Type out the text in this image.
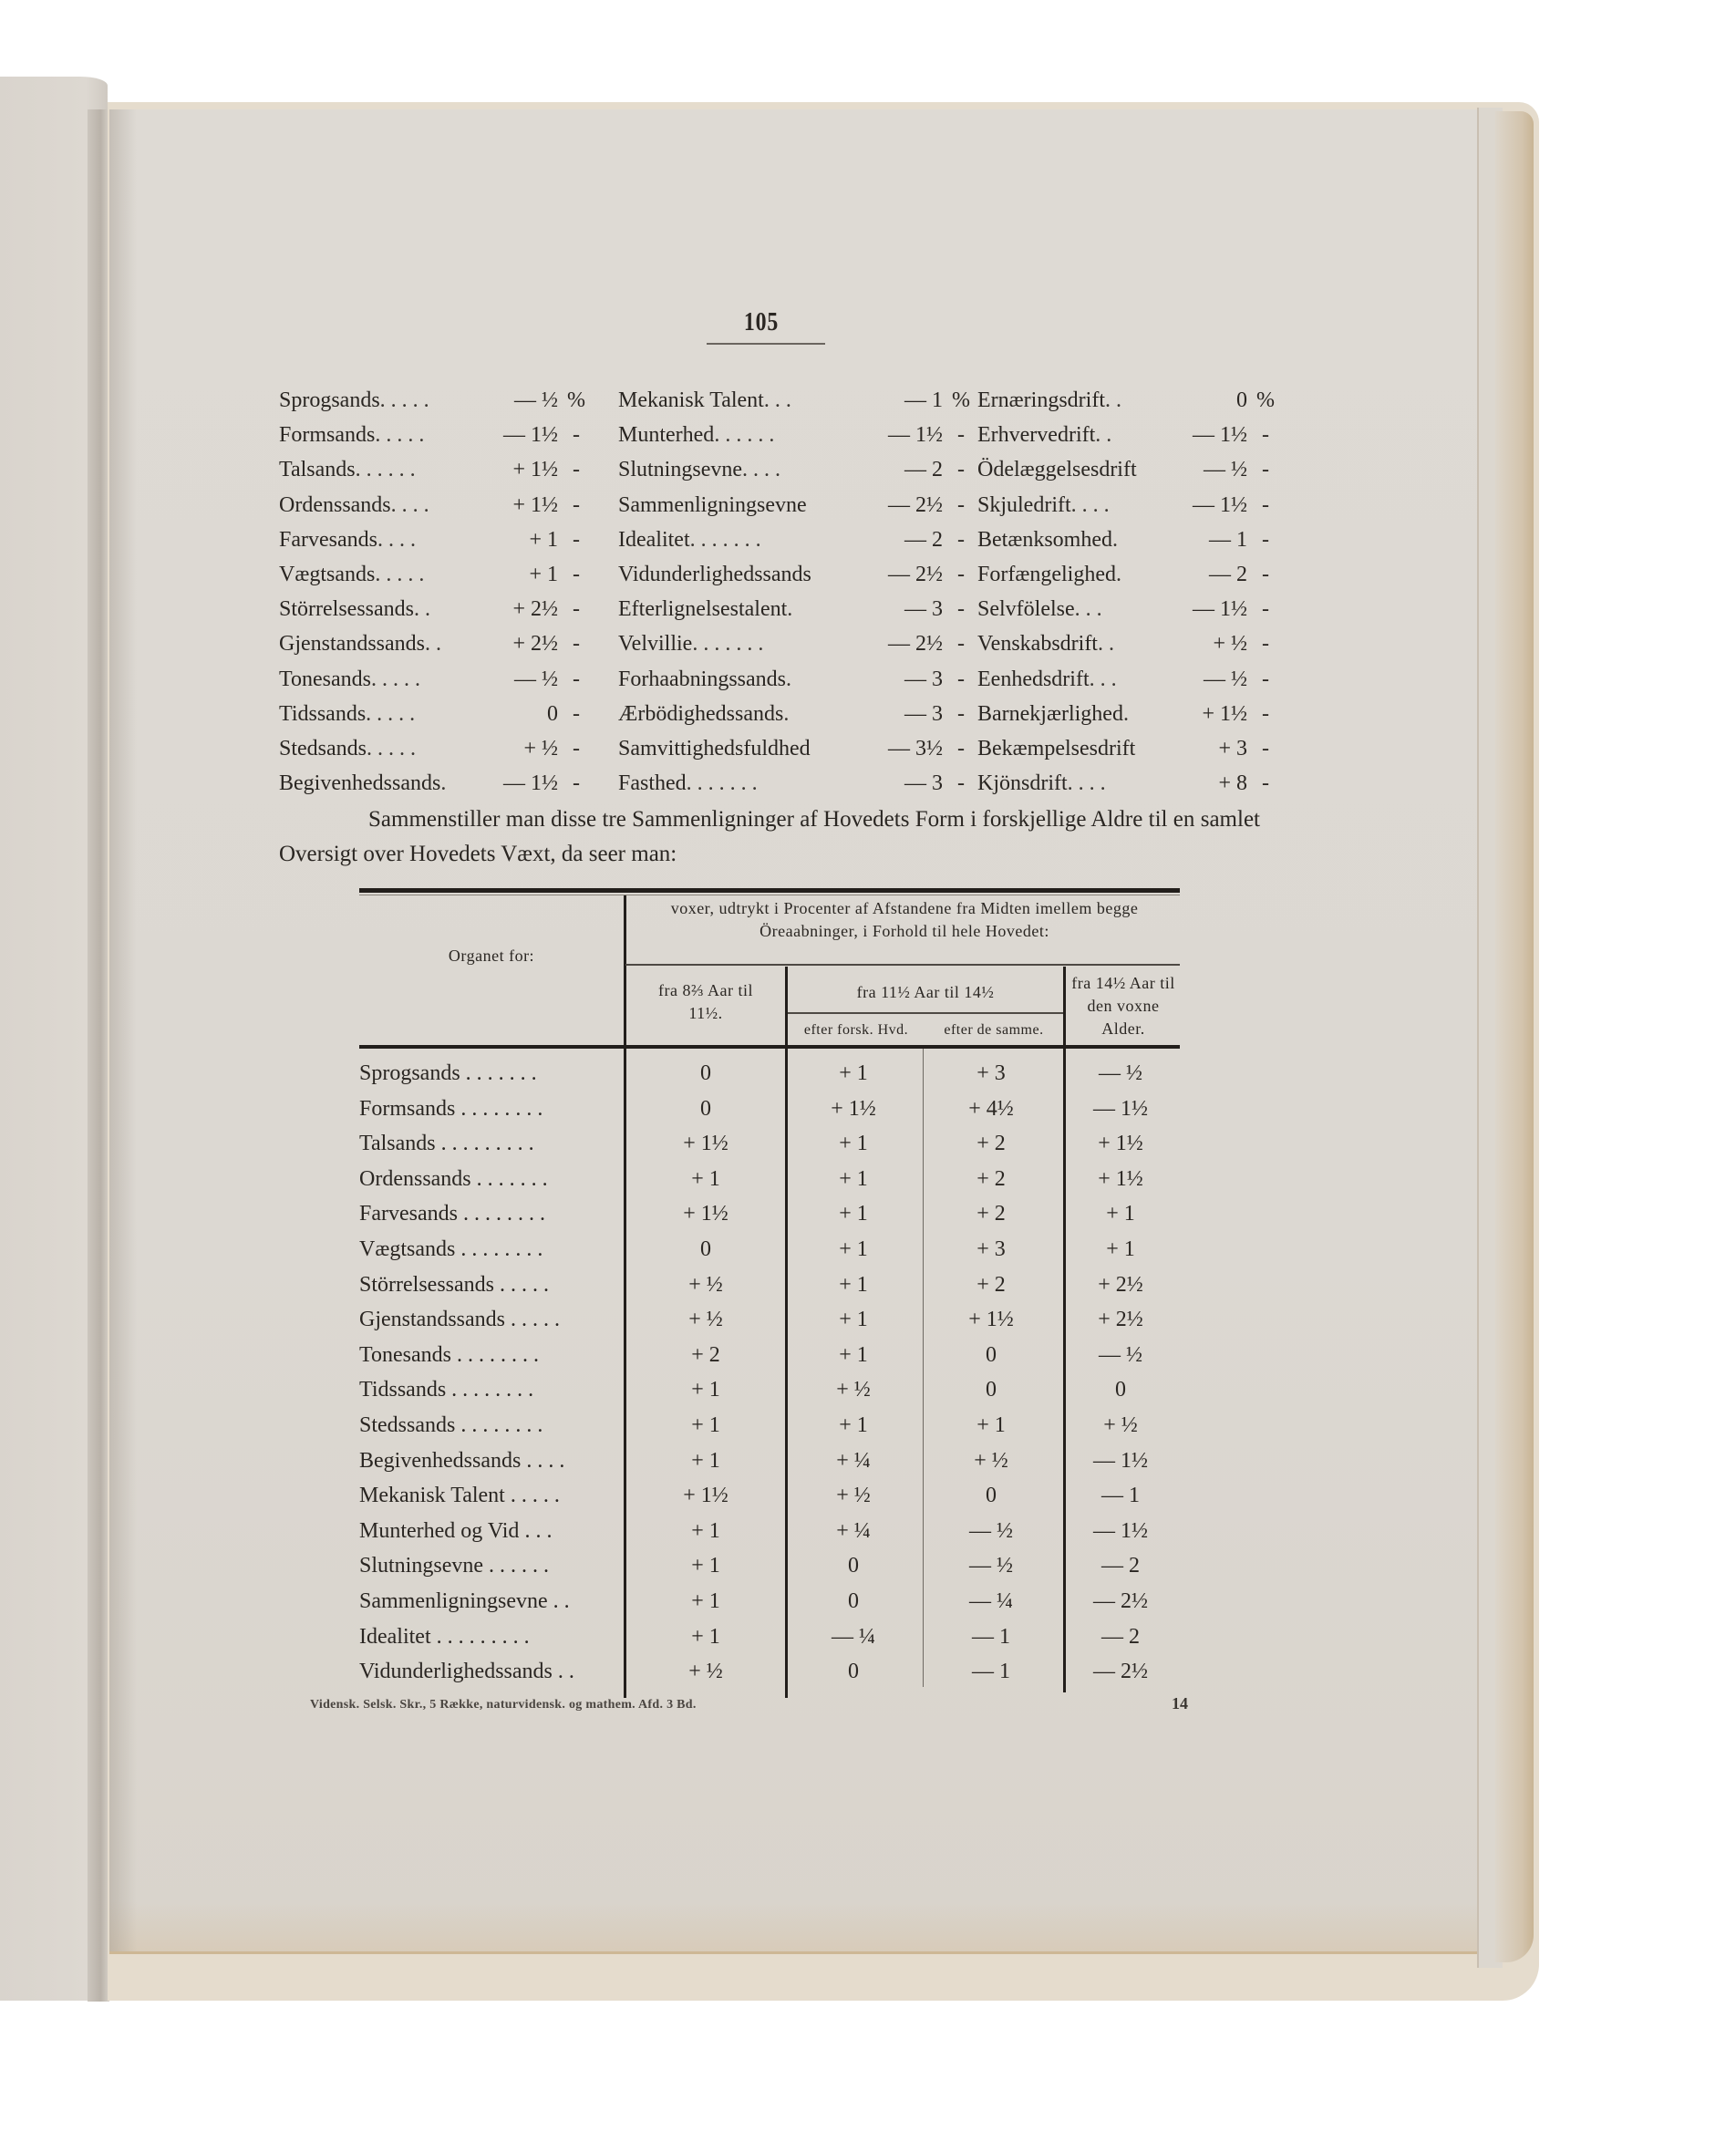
105
Sprogsands .....	— ½ %
Formsands .....	— 1½ -
Talsands ......	+ 1½ -
Ordenssands ....	+ 1½ -
Farvesands ....	+ 1 -
Vægtsands .....	+ 1 -
Störrelsessands ..	+ 2½ -
Gjenstandssands ..	+ 2½ -
Tonesands .....	— ½ -
Tidssands .....	0 -
Stedsands .....	+ ½ -
Begivenhedssands .	— 1½ -
Mekanisk Talent ...	— 1 %
Munterhed ......	— 1½ -
Slutningsevne ....	— 2 -
Sammenligningsevne	— 2½ -
Idealitet .......	— 2 -
Vidunderlighedssands	— 2½ -
Efterlignelsestalent .	— 3 -
Velvillie .......	— 2½ -
Forhaabningssands .	— 3 -
Ærbödighedssands .	— 3 -
Samvittighedsfuldhed	— 3½ -
Fasthed .......	— 3 -
Ernæringsdrift ..	0 %
Erhvervedrift ..	— 1½ -
Ödelæggelsesdrift	— ½ -
Skjuledrift ....	— 1½ -
Betænksomhed .	— 1 -
Forfængelighed .	— 2 -
Selvfölelse ...	— 1½ -
Venskabsdrift ..	+ ½ -
Eenhedsdrift ...	— ½ -
Barnekjærlighed .	+ 1½ -
Bekæmpelsesdrift	+ 3 -
Kjönsdrift ....	+ 8 -
Sammenstiller man disse tre Sammenligninger af Hovedets Form i forskjellige Aldre til en samlet Oversigt over Hovedets Væxt, da seer man:
Organet for:
voxer, udtrykt i Procenter af Afstandene fra Midten imellem begge Öreaabninger, i Forhold til hele Hovedet:
fra 8⅔ Aar til 11½.
fra 11½ Aar til 14½
efter forsk. Hvd.	efter de samme.
fra 14½ Aar til den voxne Alder.
Sprogsands .......	0	+ 1	+ 3	— ½
Formsands ........	0	+ 1½	+ 4½	— 1½
Talsands .........	+ 1½	+ 1	+ 2	+ 1½
Ordenssands .......	+ 1	+ 1	+ 2	+ 1½
Farvesands ........	+ 1½	+ 1	+ 2	+ 1
Vægtsands ........	0	+ 1	+ 3	+ 1
Störrelsessands .....	+ ½	+ 1	+ 2	+ 2½
Gjenstandssands .....	+ ½	+ 1	+ 1½	+ 2½
Tonesands ........	+ 2	+ 1	0	— ½
Tidssands ........	+ 1	+ ½	0	0
Stedssands ........	+ 1	+ 1	+ 1	+ ½
Begivenhedssands ....	+ 1	+ ¼	+ ½	— 1½
Mekanisk Talent .....	+ 1½	+ ½	0	— 1
Munterhed og Vid ...	+ 1	+ ¼	— ½	— 1½
Slutningsevne ......	+ 1	0	— ½	— 2
Sammenligningsevne ..	+ 1	0	— ¼	— 2½
Idealitet .........	+ 1	— ¼	— 1	— 2
Vidunderlighedssands ..	+ ½	0	— 1	— 2½
Vidensk. Selsk. Skr., 5 Række, naturvidensk. og mathem. Afd. 3 Bd.	14
